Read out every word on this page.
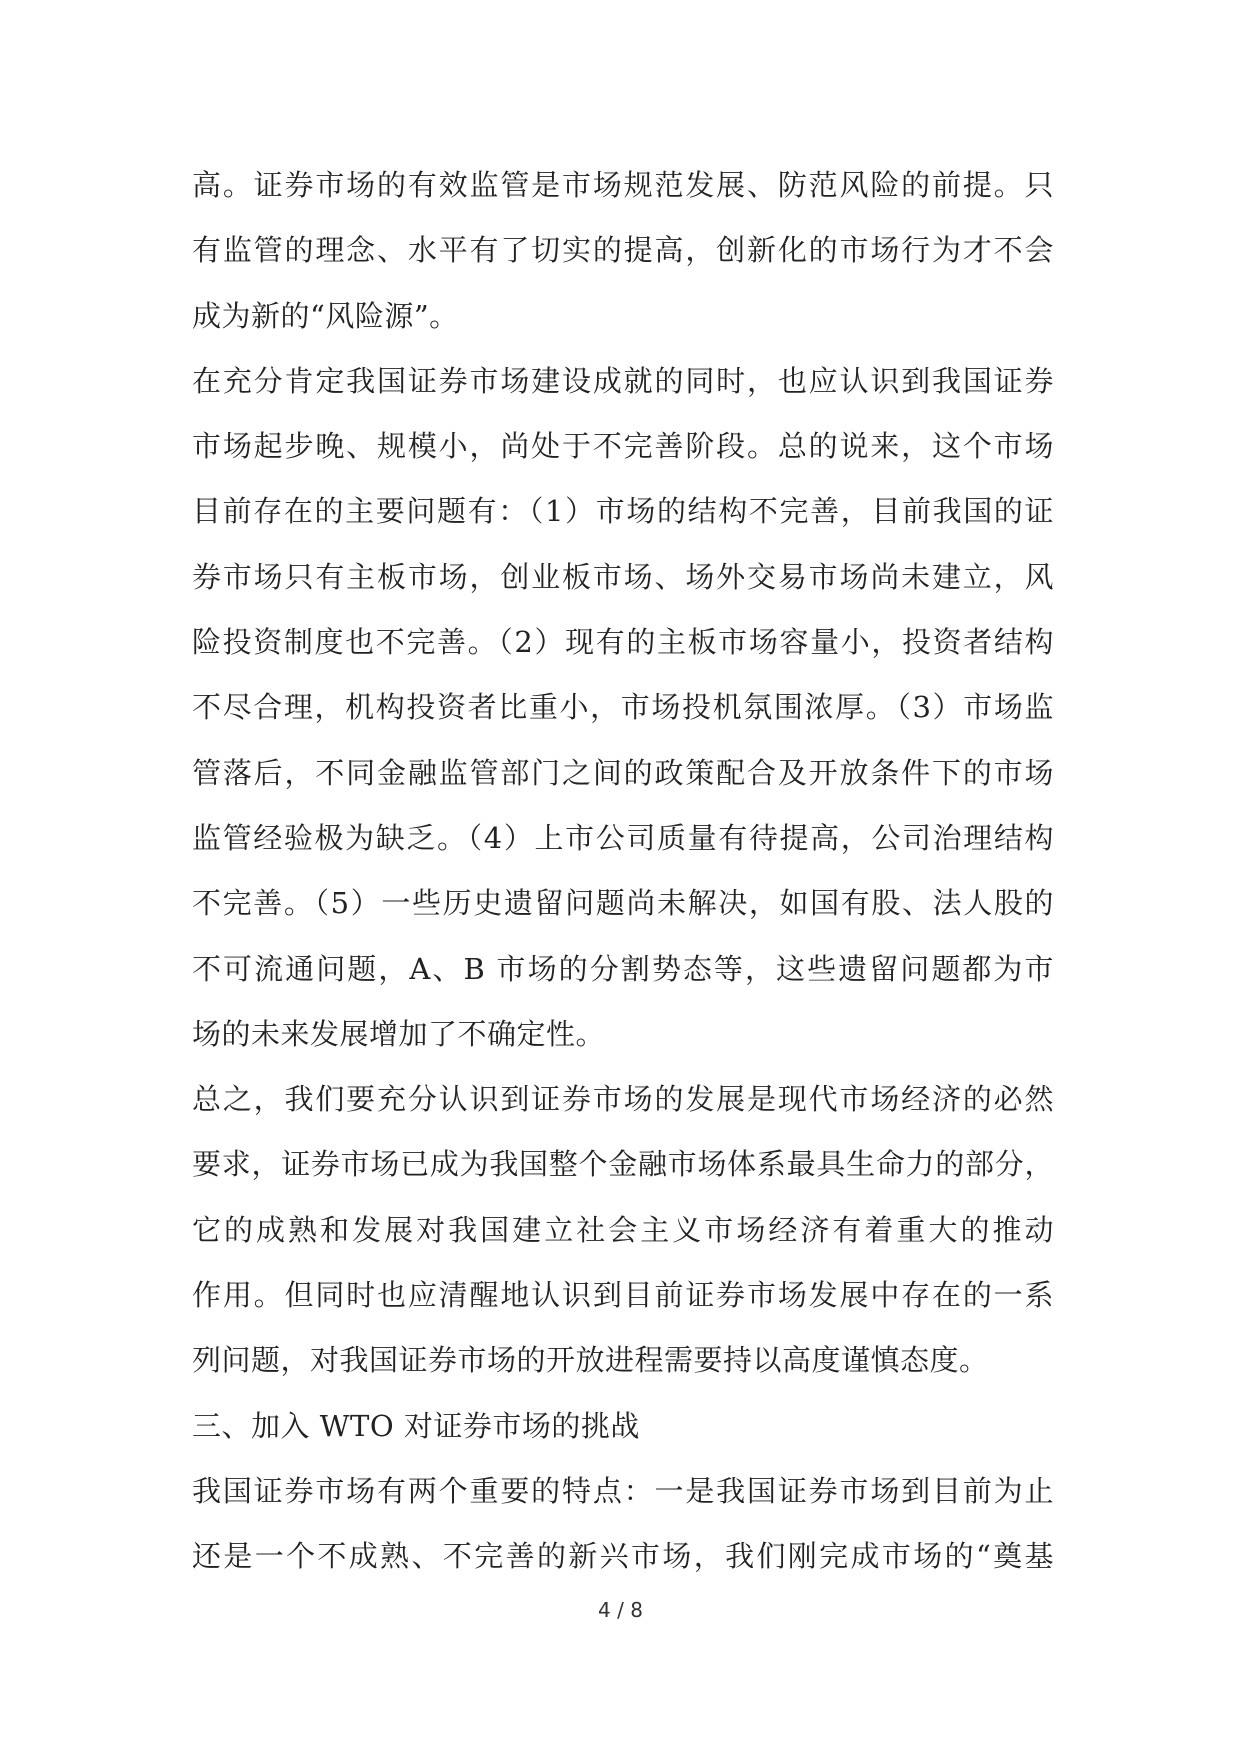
高。证券市场的有效监管是市场规范发展、防范风险的前提。只
有监管的理念、水平有了切实的提高，创新化的市场行为才不会
成为新的“风险源”。
在充分肯定我国证券市场建设成就的同时，也应认识到我国证券
市场起步晚、规模小，尚处于不完善阶段。总的说来，这个市场
目前存在的主要问题有：（1）市场的结构不完善，目前我国的证
券市场只有主板市场，创业板市场、场外交易市场尚未建立，风
险投资制度也不完善。（2）现有的主板市场容量小，投资者结构
不尽合理，机构投资者比重小，市场投机氛围浓厚。（3）市场监
管落后，不同金融监管部门之间的政策配合及开放条件下的市场
监管经验极为缺乏。（4）上市公司质量有待提高，公司治理结构
不完善。（5）一些历史遗留问题尚未解决，如国有股、法人股的
不可流通问题，A、B 市场的分割势态等，这些遗留问题都为市
场的未来发展增加了不确定性。
总之，我们要充分认识到证券市场的发展是现代市场经济的必然
要求，证券市场已成为我国整个金融市场体系最具生命力的部分，
它的成熟和发展对我国建立社会主义市场经济有着重大的推动
作用。但同时也应清醒地认识到目前证券市场发展中存在的一系
列问题，对我国证券市场的开放进程需要持以高度谨慎态度。
三、加入 WTO 对证券市场的挑战
我国证券市场有两个重要的特点：一是我国证券市场到目前为止
还是一个不成熟、不完善的新兴市场，我们刚完成市场的“奠基
4 / 8
